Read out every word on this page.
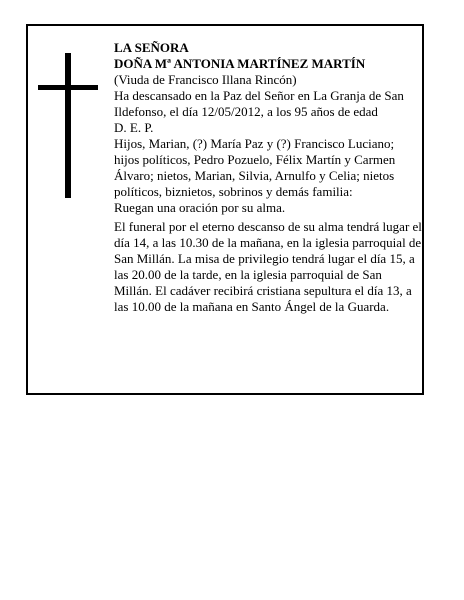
LA SEÑORA

DOÑA Mª ANTONIA MARTÍNEZ MARTÍN

(Viuda de Francisco Illana Rincón)

Ha descansado en la Paz del Señor en La Granja de San Ildefonso, el día 12/05/2012, a los 95 años de edad

D. E. P.

Hijos, Marian, (?) María Paz y (?) Francisco Luciano; hijos políticos, Pedro Pozuelo, Félix Martín y Carmen Álvaro; nietos, Marian, Silvia, Arnulfo y Celia; nietos políticos, biznietos, sobrinos y demás familia:

Ruegan una oración por su alma.

El funeral por el eterno descanso de su alma tendrá lugar el día 14, a las 10.30 de la mañana, en la iglesia parroquial de San Millán. La misa de privilegio tendrá lugar el día 15, a las 20.00 de la tarde, en la iglesia parroquial de San Millán. El cadáver recibirá cristiana sepultura el día 13, a las 10.00 de la mañana en Santo Ángel de la Guarda.
